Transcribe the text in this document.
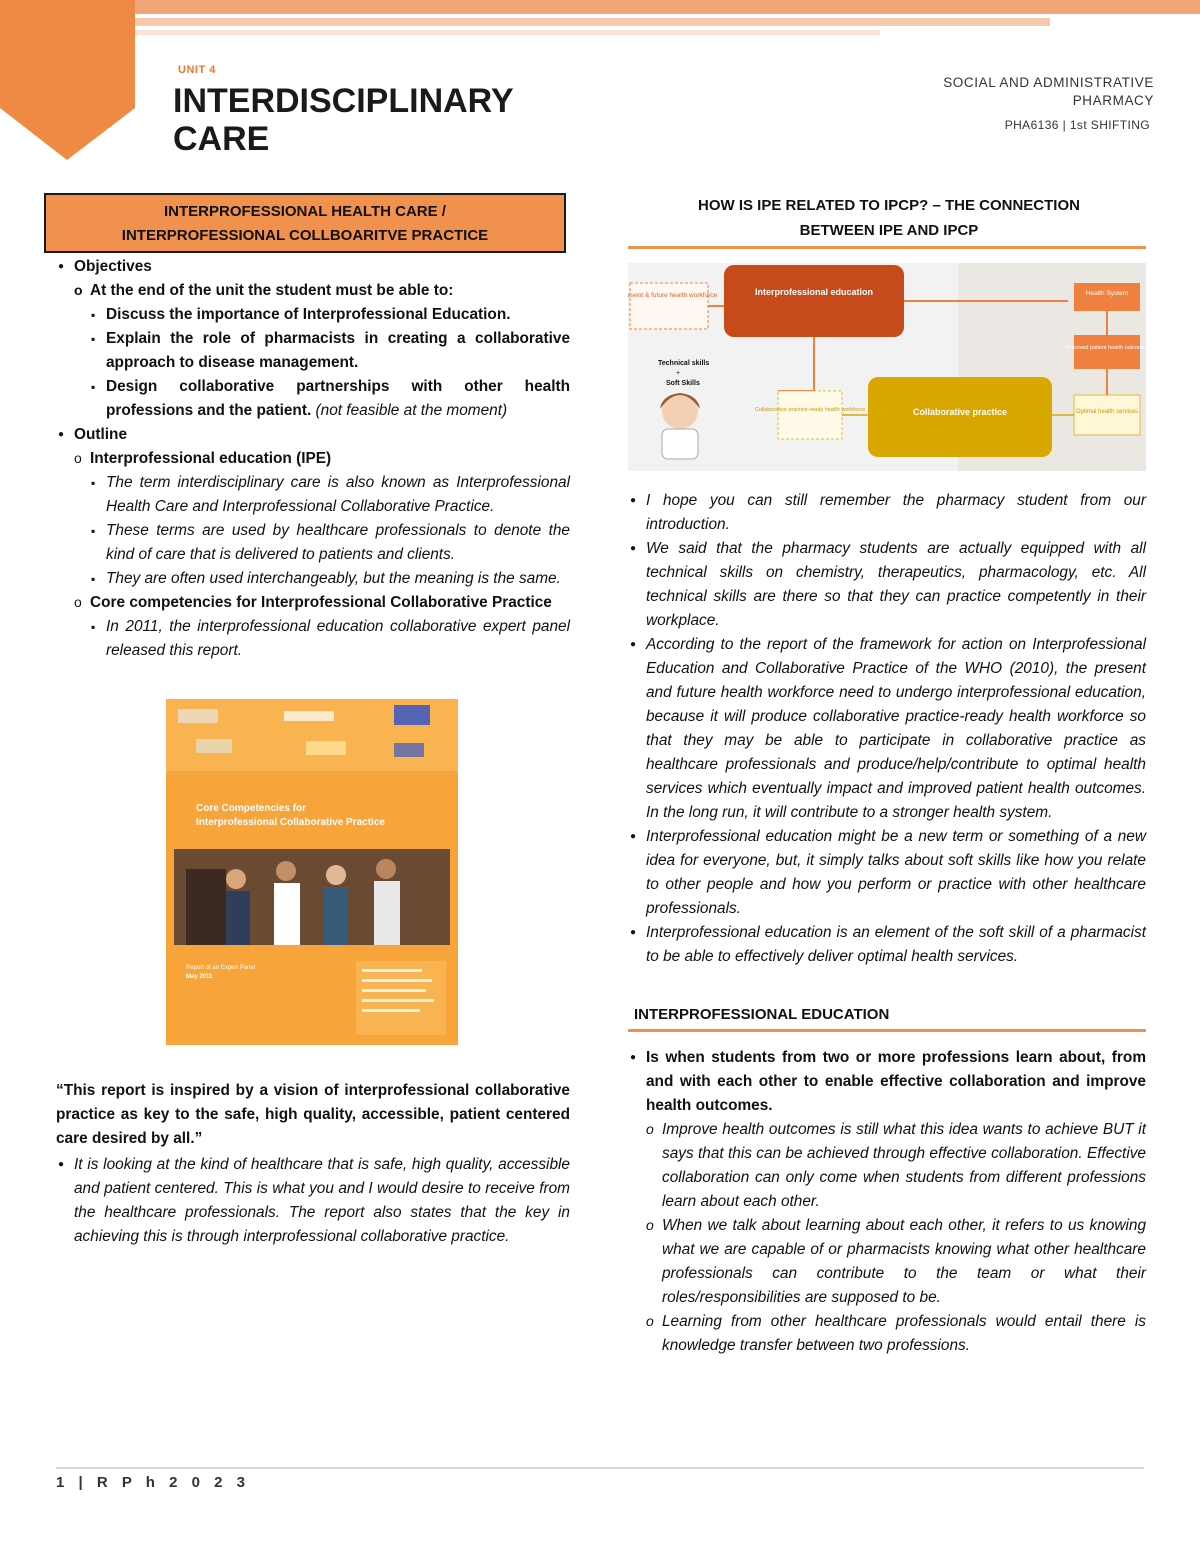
UNIT 4
INTERDISCIPLINARY
CARE
SOCIAL AND ADMINISTRATIVE
PHARMACY
PHA6136 | 1st SHIFTING
INTERPROFESSIONAL HEALTH CARE /
INTERPROFESSIONAL COLLBOARITVE PRACTICE
● Objectives
o At the end of the unit the student must be able to:
▪ Discuss the importance of Interprofessional Education.
▪ Explain the role of pharmacists in creating a collaborative approach to disease management.
▪ Design collaborative partnerships with other health professions and the patient. (not feasible at the moment)
● Outline
o Interprofessional education (IPE)
▪ The term interdisciplinary care is also known as Interprofessional Health Care and Interprofessional Collaborative Practice.
▪ These terms are used by healthcare professionals to denote the kind of care that is delivered to patients and clients.
▪ They are often used interchangeably, but the meaning is the same.
o Core competencies for Interprofessional Collaborative Practice
▪ In 2011, the interprofessional education collaborative expert panel released this report.
Core Competencies for
Interprofessional Collaborative Practice
Report of an Expert Panel
May 2011
“This report is inspired by a vision of interprofessional collaborative practice as key to the safe, high quality, accessible, patient centered care desired by all.”
● It is looking at the kind of healthcare that is safe, high quality, accessible and patient centered. This is what you and I would desire to receive from the healthcare professionals. The report also states that the key in achieving this is through interprofessional collaborative practice.
HOW IS IPE RELATED TO IPCP? – THE CONNECTION
BETWEEN IPE AND IPCP
Present & future health workforce	Interprofessional education
Technical skills
+
Soft Skills
Collaborative practice-ready health workforce	Collaborative practice
Health System
Improved patient health outcomes
Optimal health services
● I hope you can still remember the pharmacy student from our introduction.
● We said that the pharmacy students are actually equipped with all technical skills on chemistry, therapeutics, pharmacology, etc. All technical skills are there so that they can practice competently in their workplace.
● According to the report of the framework for action on Interprofessional Education and Collaborative Practice of the WHO (2010), the present and future health workforce need to undergo interprofessional education, because it will produce collaborative practice-ready health workforce so that they may be able to participate in collaborative practice as healthcare professionals and produce/help/contribute to optimal health services which eventually impact and improved patient health outcomes. In the long run, it will contribute to a stronger health system.
● Interprofessional education might be a new term or something of a new idea for everyone, but, it simply talks about soft skills like how you relate to other people and how you perform or practice with other healthcare professionals.
● Interprofessional education is an element of the soft skill of a pharmacist to be able to effectively deliver optimal health services.
INTERPROFESSIONAL EDUCATION
● Is when students from two or more professions learn about, from and with each other to enable effective collaboration and improve health outcomes.
o Improve health outcomes is still what this idea wants to achieve BUT it says that this can be achieved through effective collaboration. Effective collaboration can only come when students from different professions learn about each other.
o When we talk about learning about each other, it refers to us knowing what we are capable of or pharmacists knowing what other healthcare professionals can contribute to the team or what their roles/responsibilities are supposed to be.
o Learning from other healthcare professionals would entail there is knowledge transfer between two professions.
1 | R P h 2 0 2 3
